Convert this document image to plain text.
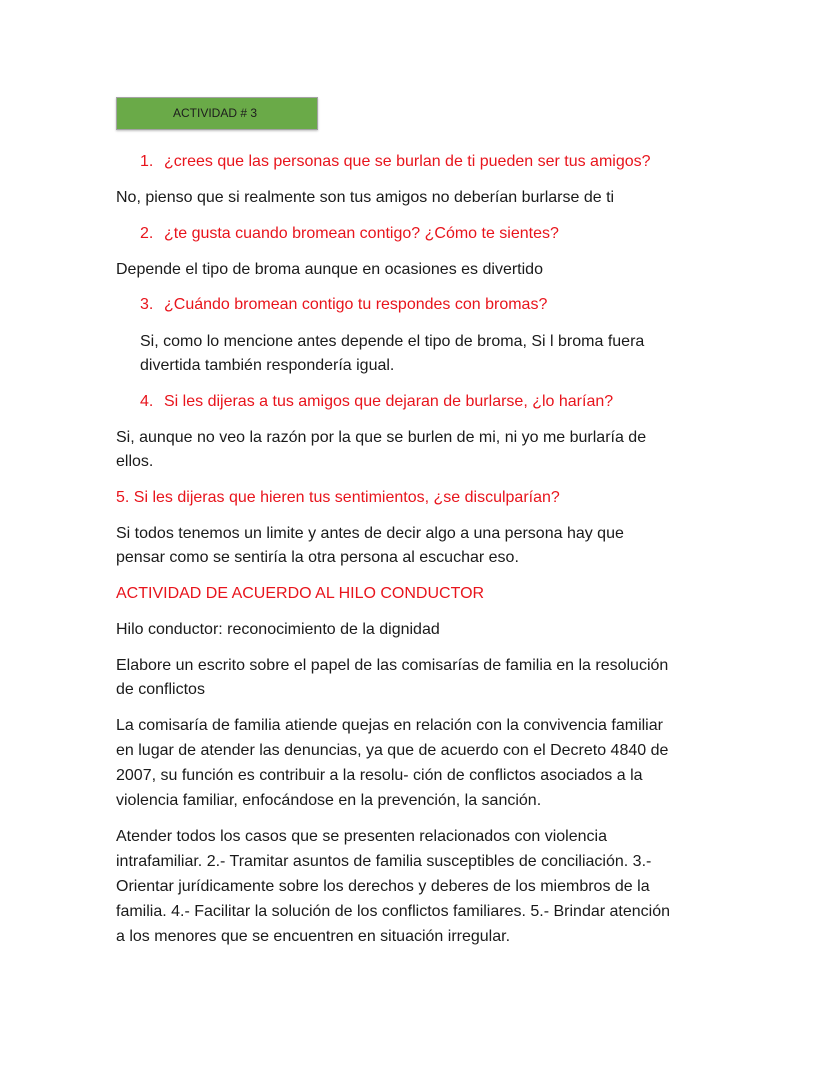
ACTIVIDAD # 3

1. ¿crees que las personas que se burlan de ti pueden ser tus amigos?

No, pienso que si realmente son tus amigos no deberían burlarse de ti

2. ¿te gusta cuando bromean contigo? ¿Cómo te sientes?

Depende el tipo de broma aunque en ocasiones es divertido

3. ¿Cuándo bromean contigo tu respondes con bromas?

Si, como lo mencione antes depende el tipo de broma, Si l broma fuera

divertida también respondería igual.

4. Si les dijeras a tus amigos que dejaran de burlarse, ¿lo harían?

Si, aunque no veo la razón por la que se burlen de mi, ni yo me burlaría de

ellos.

5. Si les dijeras que hieren tus sentimientos, ¿se disculparían?

Si todos tenemos un limite y antes de decir algo a una persona hay que

pensar como se sentiría la otra persona al escuchar eso.

ACTIVIDAD DE ACUERDO AL HILO CONDUCTOR

Hilo conductor: reconocimiento de la dignidad

Elabore un escrito sobre el papel de las comisarías de familia en la resolución

de conflictos

La comisaría de familia atiende quejas en relación con la convivencia familiar

en lugar de atender las denuncias, ya que de acuerdo con el Decreto 4840 de

2007, su función es contribuir a la resolu- ción de conflictos asociados a la

violencia familiar, enfocándose en la prevención, la sanción.

Atender todos los casos que se presenten relacionados con violencia

intrafamiliar. 2.- Tramitar asuntos de familia susceptibles de conciliación. 3.-

Orientar jurídicamente sobre los derechos y deberes de los miembros de la

familia. 4.- Facilitar la solución de los conflictos familiares. 5.- Brindar atención

a los menores que se encuentren en situación irregular.
